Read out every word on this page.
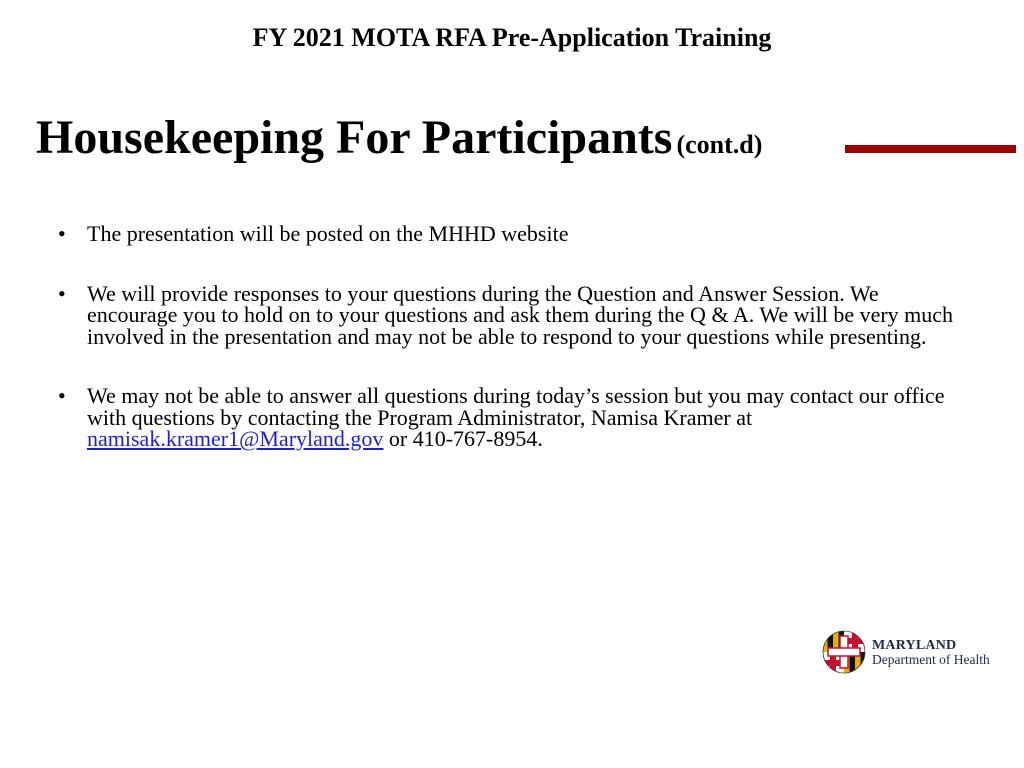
FY 2021 MOTA RFA Pre-Application Training
Housekeeping For Participants (cont.d)
• The presentation will be posted on the MHHD website
• We will provide responses to your questions during the Question and Answer Session. We encourage you to hold on to your questions and ask them during the Q & A. We will be very much involved in the presentation and may not be able to respond to your questions while presenting.
• We may not be able to answer all questions during today’s session but you may contact our office with questions by contacting the Program Administrator, Namisa Kramer at namisak.kramer1@Maryland.gov or 410-767-8954.
MARYLAND
Department of Health
